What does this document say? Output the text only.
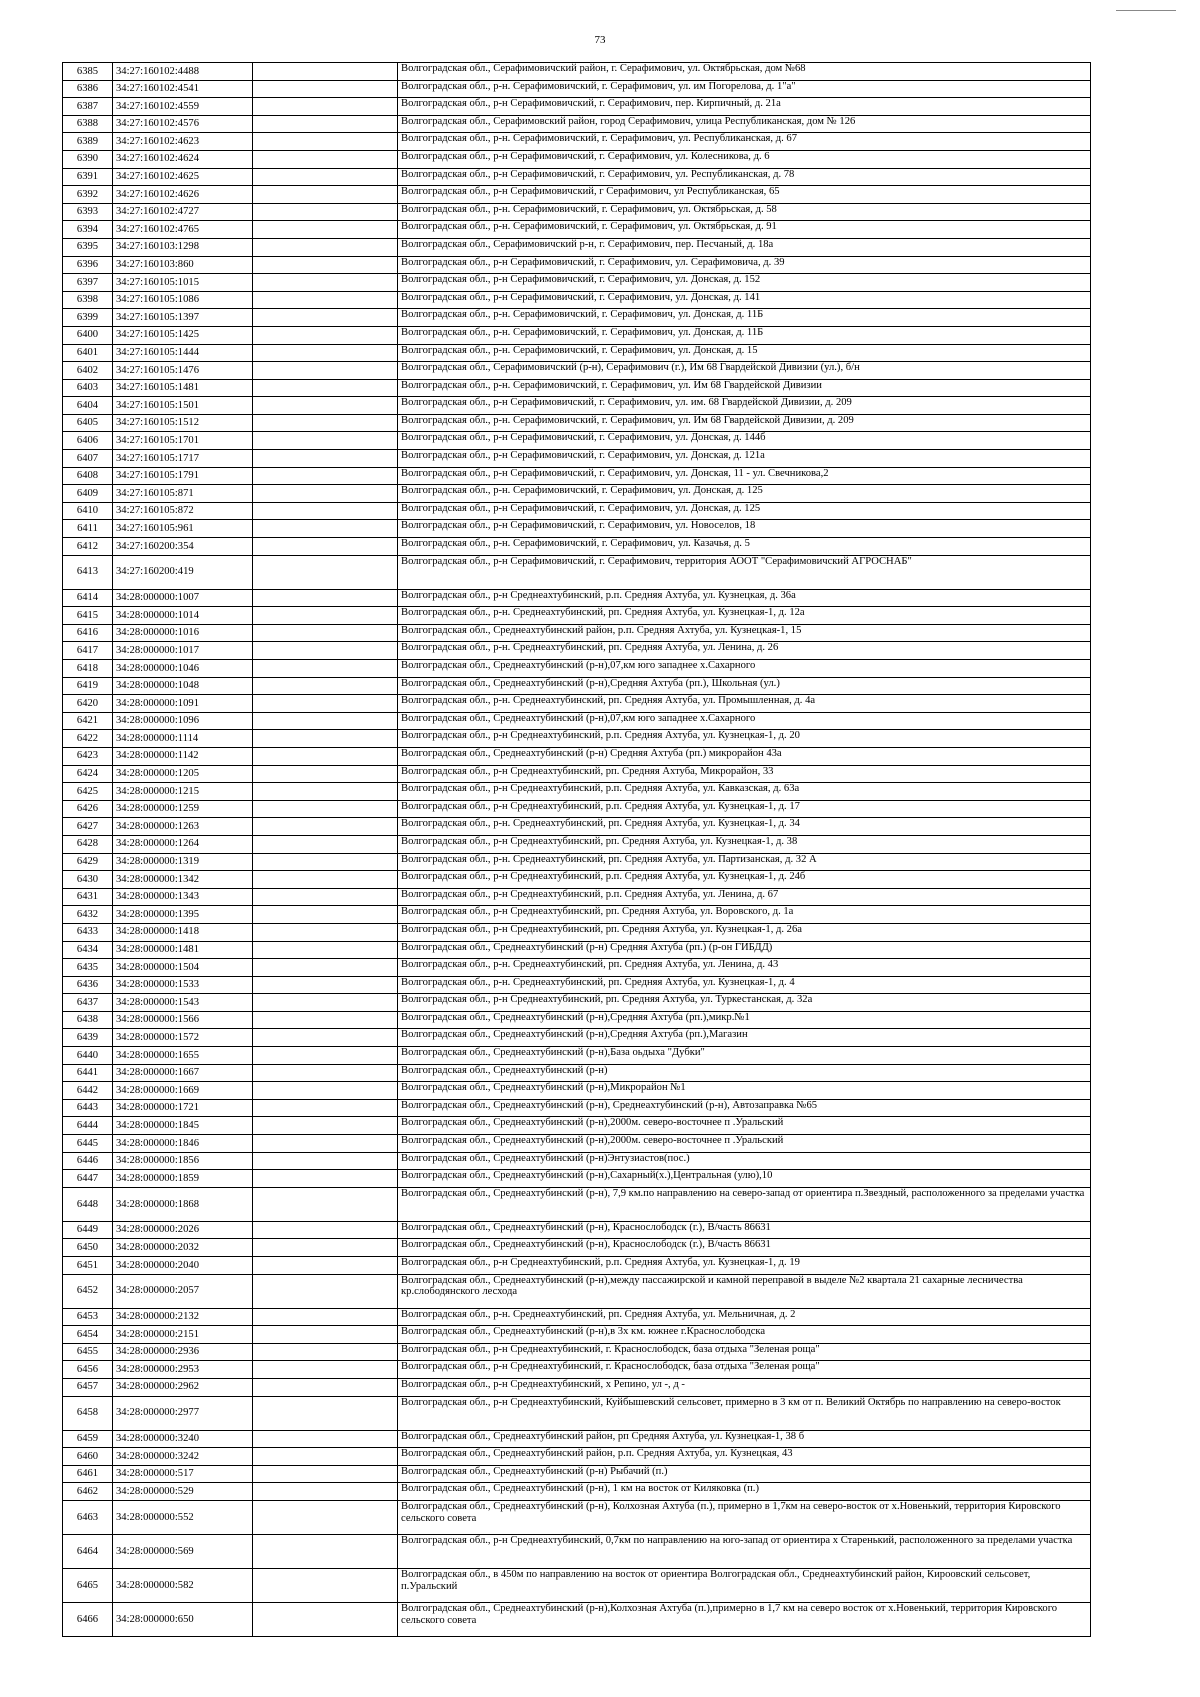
73
6385	34:27:160102:4488		Волгоградская обл., Серафимовичский район, г. Серафимович, ул. Октябрьская, дом №68
6386	34:27:160102:4541		Волгоградская обл., р-н. Серафимовичский, г. Серафимович, ул. им Погорелова, д. 1"а"
6387	34:27:160102:4559		Волгоградская обл., р-н Серафимовичский, г. Серафимович, пер. Кирпичный, д. 21а
6388	34:27:160102:4576		Волгоградская обл., Серафимовский район, город Серафимович, улица Республиканская, дом № 126
6389	34:27:160102:4623		Волгоградская обл., р-н. Серафимовичский, г. Серафимович, ул. Республиканская, д. 67
6390	34:27:160102:4624		Волгоградская обл., р-н Серафимовичский, г. Серафимович, ул. Колесникова, д. 6
6391	34:27:160102:4625		Волгоградская обл., р-н Серафимовичский, г. Серафимович, ул. Республиканская, д. 78
6392	34:27:160102:4626		Волгоградская обл., р-н Серафимовичский, г Серафимович, ул Республиканская, 65
6393	34:27:160102:4727		Волгоградская обл., р-н. Серафимовичский, г. Серафимович, ул. Октябрьская, д. 58
6394	34:27:160102:4765		Волгоградская обл., р-н. Серафимовичский, г. Серафимович, ул. Октябрьская, д. 91
6395	34:27:160103:1298		Волгоградская обл., Серафимовичский р-н, г. Серафимович, пер. Песчаный, д. 18а
6396	34:27:160103:860		Волгоградская обл., р-н Серафимовичский, г. Серафимович, ул. Серафимовича, д. 39
6397	34:27:160105:1015		Волгоградская обл., р-н Серафимовичский, г. Серафимович, ул. Донская, д. 152
6398	34:27:160105:1086		Волгоградская обл., р-н Серафимовичский, г. Серафимович, ул. Донская, д. 141
6399	34:27:160105:1397		Волгоградская обл., р-н. Серафимовичский, г. Серафимович, ул. Донская, д. 11Б
6400	34:27:160105:1425		Волгоградская обл., р-н. Серафимовичский, г. Серафимович, ул. Донская, д. 11Б
6401	34:27:160105:1444		Волгоградская обл., р-н. Серафимовичский, г. Серафимович, ул. Донская, д. 15
6402	34:27:160105:1476		Волгоградская обл., Серафимовичский (р-н), Серафимович (г.), Им 68 Гвардейской Дивизии (ул.), б/н
6403	34:27:160105:1481		Волгоградская обл., р-н. Серафимовичский, г. Серафимович, ул. Им 68 Гвардейской Дивизии
6404	34:27:160105:1501		Волгоградская обл., р-н Серафимовичский, г. Серафимович, ул. им. 68 Гвардейской Дивизии, д. 209
6405	34:27:160105:1512		Волгоградская обл., р-н. Серафимовичский, г. Серафимович, ул. Им 68 Гвардейской Дивизии, д. 209
6406	34:27:160105:1701		Волгоградская обл., р-н Серафимовичский, г. Серафимович, ул. Донская, д. 144б
6407	34:27:160105:1717		Волгоградская обл., р-н Серафимовичский, г. Серафимович, ул. Донская, д. 121а
6408	34:27:160105:1791		Волгоградская обл., р-н Серафимовичский, г. Серафимович, ул. Донская, 11 - ул. Свечникова,2
6409	34:27:160105:871		Волгоградская обл., р-н. Серафимовичский, г. Серафимович, ул. Донская, д. 125
6410	34:27:160105:872		Волгоградская обл., р-н Серафимовичский, г. Серафимович, ул. Донская, д. 125
6411	34:27:160105:961		Волгоградская обл., р-н Серафимовичский, г. Серафимович, ул. Новоселов, 18
6412	34:27:160200:354		Волгоградская обл., р-н. Серафимовичский, г. Серафимович, ул. Казачья, д. 5
6413	34:27:160200:419		Волгоградская обл., р-н Серафимовичский, г. Серафимович, территория АООТ "Серафимовичский АГРОСНАБ"
6414	34:28:000000:1007		Волгоградская обл., р-н Среднеахтубинский, р.п. Средняя Ахтуба, ул. Кузнецкая, д. 36а
6415	34:28:000000:1014		Волгоградская обл., р-н. Среднеахтубинский, рп. Средняя Ахтуба, ул. Кузнецкая-1, д. 12а
6416	34:28:000000:1016		Волгоградская обл., Среднеахтубинский район, р.п. Средняя Ахтуба, ул. Кузнецкая-1, 15
6417	34:28:000000:1017		Волгоградская обл., р-н. Среднеахтубинский, рп. Средняя Ахтуба, ул. Ленина, д. 26
6418	34:28:000000:1046		Волгоградская обл., Среднеахтубинский (р-н),07,км юго западнее х.Сахарного
6419	34:28:000000:1048		Волгоградская обл., Среднеахтубинский (р-н),Средняя Ахтуба (рп.), Школьная (ул.)
6420	34:28:000000:1091		Волгоградская обл., р-н. Среднеахтубинский, рп. Средняя Ахтуба, ул. Промышленная, д. 4а
6421	34:28:000000:1096		Волгоградская обл., Среднеахтубинский (р-н),07,км юго западнее х.Сахарного
6422	34:28:000000:1114		Волгоградская обл., р-н Среднеахтубинский, р.п. Средняя Ахтуба, ул. Кузнецкая-1, д. 20
6423	34:28:000000:1142		Волгоградская обл., Среднеахтубинский (р-н) Средняя Ахтуба (рп.) микрорайон 43а
6424	34:28:000000:1205		Волгоградская обл., р-н Среднеахтубинский, рп. Средняя Ахтуба, Микрорайон, 33
6425	34:28:000000:1215		Волгоградская обл., р-н Среднеахтубинский, р.п. Средняя Ахтуба, ул. Кавказская, д. 63а
6426	34:28:000000:1259		Волгоградская обл., р-н Среднеахтубинский, р.п. Средняя Ахтуба, ул. Кузнецкая-1, д. 17
6427	34:28:000000:1263		Волгоградская обл., р-н. Среднеахтубинский, рп. Средняя Ахтуба, ул. Кузнецкая-1, д. 34
6428	34:28:000000:1264		Волгоградская обл., р-н Среднеахтубинский, рп. Средняя Ахтуба, ул. Кузнецкая-1, д. 38
6429	34:28:000000:1319		Волгоградская обл., р-н. Среднеахтубинский, рп. Средняя Ахтуба, ул. Партизанская, д. 32 А
6430	34:28:000000:1342		Волгоградская обл., р-н Среднеахтубинский, р.п. Средняя Ахтуба, ул. Кузнецкая-1, д. 24б
6431	34:28:000000:1343		Волгоградская обл., р-н Среднеахтубинский, р.п. Средняя Ахтуба, ул. Ленина, д. 67
6432	34:28:000000:1395		Волгоградская обл., р-н Среднеахтубинский, рп. Средняя Ахтуба, ул. Воровского, д. 1а
6433	34:28:000000:1418		Волгоградская обл., р-н Среднеахтубинский, рп. Средняя Ахтуба, ул. Кузнецкая-1, д. 26а
6434	34:28:000000:1481		Волгоградская обл., Среднеахтубинский (р-н) Средняя Ахтуба (рп.) (р-он ГИБДД)
6435	34:28:000000:1504		Волгоградская обл., р-н. Среднеахтубинский, рп. Средняя Ахтуба, ул. Ленина, д. 43
6436	34:28:000000:1533		Волгоградская обл., р-н. Среднеахтубинский, рп. Средняя Ахтуба, ул. Кузнецкая-1, д. 4
6437	34:28:000000:1543		Волгоградская обл., р-н Среднеахтубинский, рп. Средняя Ахтуба, ул. Туркестанская, д. 32а
6438	34:28:000000:1566		Волгоградская обл., Среднеахтубинский (р-н),Средняя Ахтуба (рп.),микр.№1
6439	34:28:000000:1572		Волгоградская обл., Среднеахтубинский (р-н),Средняя Ахтуба (рп.),Магазин
6440	34:28:000000:1655		Волгоградская обл., Среднеахтубинский (р-н),База оьдыха "Дубки"
6441	34:28:000000:1667		Волгоградская обл., Среднеахтубинский (р-н)
6442	34:28:000000:1669		Волгоградская обл., Среднеахтубинский (р-н),Микрорайон №1
6443	34:28:000000:1721		Волгоградская обл., Среднеахтубинский (р-н), Среднеахтубинский (р-н), Автозаправка №65
6444	34:28:000000:1845		Волгоградская обл., Среднеахтубинский (р-н),2000м. северо-восточнее п .Уральский
6445	34:28:000000:1846		Волгоградская обл., Среднеахтубинский (р-н),2000м. северо-восточнее п .Уральский
6446	34:28:000000:1856		Волгоградская обл., Среднеахтубинский (р-н)Энтузиастов(пос.)
6447	34:28:000000:1859		Волгоградская обл., Среднеахтубинский (р-н),Сахарный(х.),Центральная (улю),10
6448	34:28:000000:1868		Волгоградская обл., Среднеахтубинский (р-н), 7,9 км.по направлению на северо-запад от ориентира п.Звездный, расположенного за пределами участка
6449	34:28:000000:2026		Волгоградская обл., Среднеахтубинский (р-н), Краснослободск (г.), В/часть 86631
6450	34:28:000000:2032		Волгоградская обл., Среднеахтубинский (р-н), Краснослободск (г.), В/часть 86631
6451	34:28:000000:2040		Волгоградская обл., р-н Среднеахтубинский, р.п. Средняя Ахтуба, ул. Кузнецкая-1, д. 19
6452	34:28:000000:2057		Волгоградская обл., Среднеахтубинский (р-н),между пассажирской и камной переправой в выделе №2 квартала 21 сахарные лесничества кр.слободянского лесхода
6453	34:28:000000:2132		Волгоградская обл., р-н. Среднеахтубинский, рп. Средняя Ахтуба, ул. Мельничная, д. 2
6454	34:28:000000:2151		Волгоградская обл., Среднеахтубинский (р-н),в 3х км. южнее г.Краснослободска
6455	34:28:000000:2936		Волгоградская обл., р-н Среднеахтубинский, г. Краснослободск, база отдыха "Зеленая роща"
6456	34:28:000000:2953		Волгоградская обл., р-н Среднеахтубинский, г. Краснослободск, база отдыха "Зеленая роща"
6457	34:28:000000:2962		Волгоградская обл., р-н Среднеахтубинский, х Репино, ул -, д -
6458	34:28:000000:2977		Волгоградская обл., р-н Среднеахтубинский, Куйбышевский сельсовет, примерно в 3 км от п. Великий Октябрь по направлению на северо-восток
6459	34:28:000000:3240		Волгоградская обл., Среднеахтубинский район, рп Средняя Ахтуба, ул. Кузнецкая-1, 38 б
6460	34:28:000000:3242		Волгоградская обл., Среднеахтубинский район, р.п. Средняя Ахтуба, ул. Кузнецкая, 43
6461	34:28:000000:517		Волгоградская обл., Среднеахтубинский (р-н) Рыбачий (п.)
6462	34:28:000000:529		Волгоградская обл., Среднеахтубинский (р-н), 1 км на восток от Киляковка (п.)
6463	34:28:000000:552		Волгоградская обл., Среднеахтубинский (р-н), Колхозная Ахтуба (п.), примерно в 1,7км на северо-восток от х.Новенький, территория Кировского сельского совета
6464	34:28:000000:569		Волгоградская обл., р-н Среднеахтубинский, 0,7км по направлению на юго-запад от ориентира х Старенький, расположенного за пределами участка
6465	34:28:000000:582		Волгоградская обл., в 450м по направлению на восток от ориентира Волгоградская обл., Среднеахтубинский район, Кироовский сельсовет, п.Уральский
6466	34:28:000000:650		Волгоградская обл., Среднеахтубинский (р-н),Колхозная Ахтуба (п.),примерно в 1,7 км на северо восток от х.Новенький, территория Кировского сельского совета
